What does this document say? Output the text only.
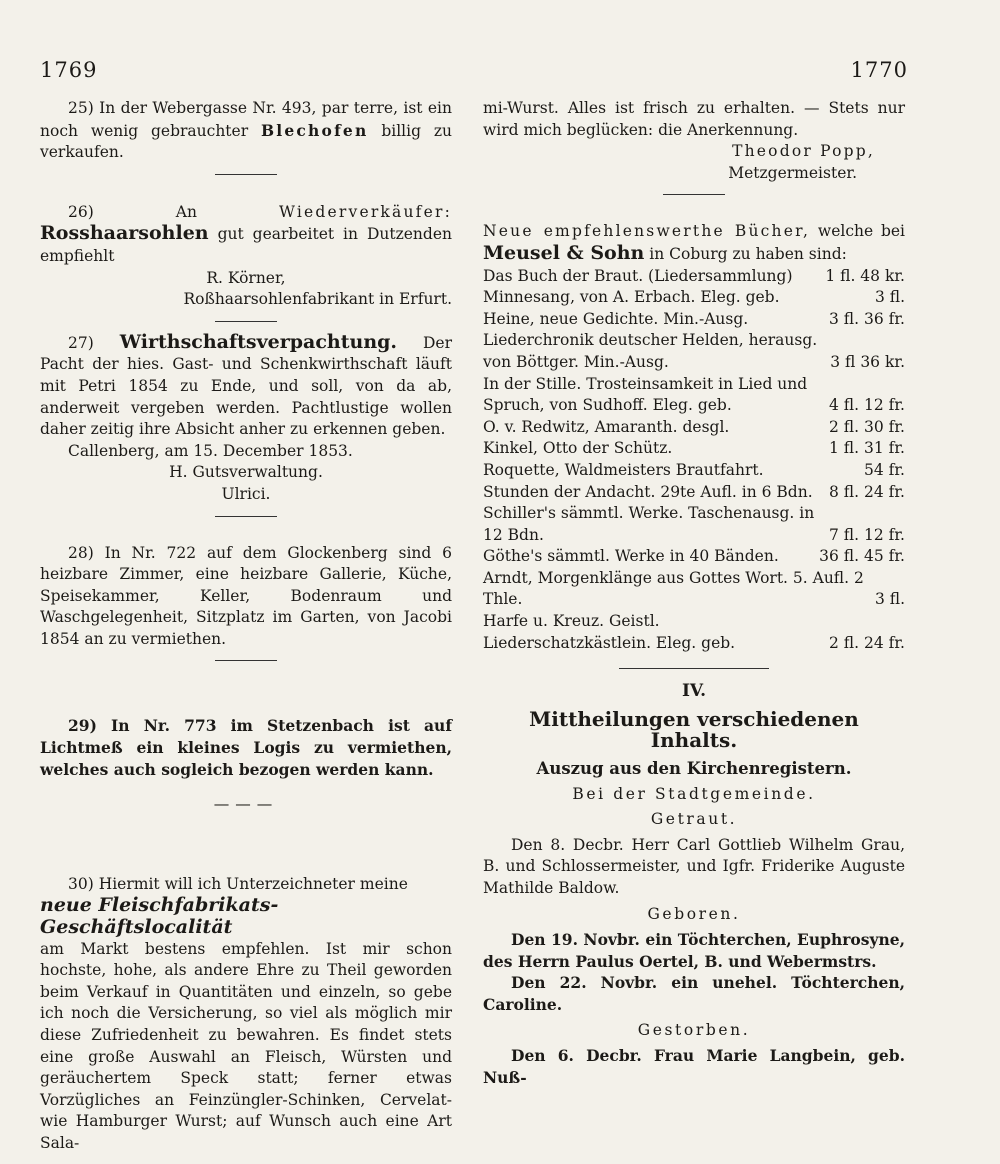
1769	1770

25) In der Webergasse Nr. 493, par terre, ist ein noch wenig gebrauchter Blechofen billig zu verkaufen.

26) An Wiederverkäufer: Rosshaarsohlen gut gearbeitet in Dutzenden empfiehlt

R. Körner,

Roßhaarsohlenfabrikant in Erfurt.

27) Wirthschaftsverpachtung. Der Pacht der hies. Gast- und Schenkwirthschaft läuft mit Petri 1854 zu Ende, und soll, von da ab, anderweit vergeben werden. Pachtlustige wollen daher zeitig ihre Absicht anher zu erkennen geben.

Callenberg, am 15. December 1853.

H. Gutsverwaltung.

Ulrici.

28) In Nr. 722 auf dem Glockenberg sind 6 heizbare Zimmer, eine heizbare Gallerie, Küche, Speisekammer, Keller, Bodenraum und Waschgelegenheit, Sitzplatz im Garten, von Jacobi 1854 an zu vermiethen.

29) In Nr. 773 im Stetzenbach ist auf Lichtmeß ein kleines Logis zu vermiethen, welches auch sogleich bezogen werden kann.

———

30) Hiermit will ich Unterzeichneter meine

neue Fleischfabrikats-Geschäftslocalität

am Markt bestens empfehlen. Ist mir schon hochste, hohe, als andere Ehre zu Theil geworden beim Verkauf in Quantitäten und einzeln, so gebe ich noch die Versicherung, so viel als möglich mir diese Zufriedenheit zu bewahren. Es findet stets eine große Auswahl an Fleisch, Würsten und geräuchertem Speck statt; ferner etwas Vorzügliches an Feinzüngler-Schinken, Cervelat- wie Hamburger Wurst; auf Wunsch auch eine Art Sala-

mi-Wurst. Alles ist frisch zu erhalten. — Stets nur wird mich beglücken: die Anerkennung.

Theodor Popp,

Metzgermeister.

Neue empfehlenswerthe Bücher, welche bei Meusel & Sohn in Coburg zu haben sind:

Das Buch der Braut. (Liedersammlung)	1 fl. 48 kr.
Minnesang, von A. Erbach. Eleg. geb.	3 fl.
Heine, neue Gedichte. Min.-Ausg.	3 fl. 36 fr.
Liederchronik deutscher Helden, herausg. von Böttger. Min.-Ausg.	3 fl 36 kr.
In der Stille. Trosteinsamkeit in Lied und Spruch, von Sudhoff. Eleg. geb.	4 fl. 12 fr.
O. v. Redwitz, Amaranth. desgl.	2 fl. 30 fr.
Kinkel, Otto der Schütz.	1 fl. 31 fr.
Roquette, Waldmeisters Brautfahrt.	54 fr.
Stunden der Andacht. 29te Aufl. in 6 Bdn.	8 fl. 24 fr.
Schiller's sämmtl. Werke. Taschenausg. in 12 Bdn.	7 fl. 12 fr.
Göthe's sämmtl. Werke in 40 Bänden.	36 fl. 45 fr.
Arndt, Morgenklänge aus Gottes Wort. 5. Aufl. 2 Thle.	3 fl.
Harfe u. Kreuz. Geistl. Liederschatzkästlein. Eleg. geb.	2 fl. 24 fr.

IV.

Mittheilungen verschiedenen Inhalts.

Auszug aus den Kirchenregistern.

Bei der Stadtgemeinde.

Getraut.

Den 8. Decbr. Herr Carl Gottlieb Wilhelm Grau, B. und Schlossermeister, und Igfr. Friderike Auguste Mathilde Baldow.

Geboren.

Den 19. Novbr. ein Töchterchen, Euphrosyne, des Herrn Paulus Oertel, B. und Webermstrs.

Den 22. Novbr. ein unehel. Töchterchen, Caroline.

Gestorben.

Den 6. Decbr. Frau Marie Langbein, geb. Nuß-
